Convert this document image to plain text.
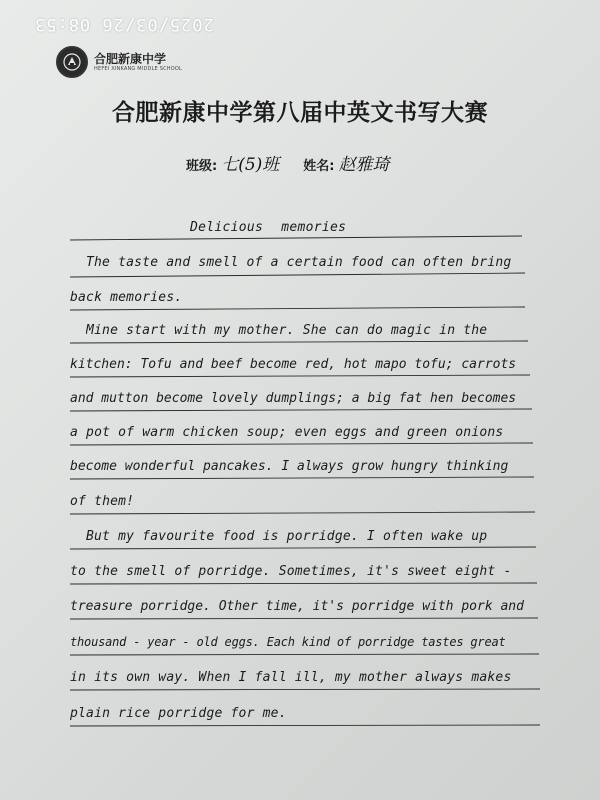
2025/03/26 08:53
合肥新康中学
HEFEI XINKANG MIDDLE SCHOOL
合肥新康中学第八届中英文书写大赛
班级: 七(5)班 姓名: 赵雅琦
Delicious memories
The taste and smell of a certain food can often bring
back memories.
Mine start with my mother. She can do magic in the
kitchen: Tofu and beef become red, hot mapo tofu; carrots
and mutton become lovely dumplings; a big fat hen becomes
a pot of warm chicken soup; even eggs and green onions
become wonderful pancakes. I always grow hungry thinking
of them!
But my favourite food is porridge. I often wake up
to the smell of porridge. Sometimes, it's sweet eight -
treasure porridge. Other time, it's porridge with pork and
thousand - year - old eggs. Each kind of porridge tastes great
in its own way. When I fall ill, my mother always makes
plain rice porridge for me.
